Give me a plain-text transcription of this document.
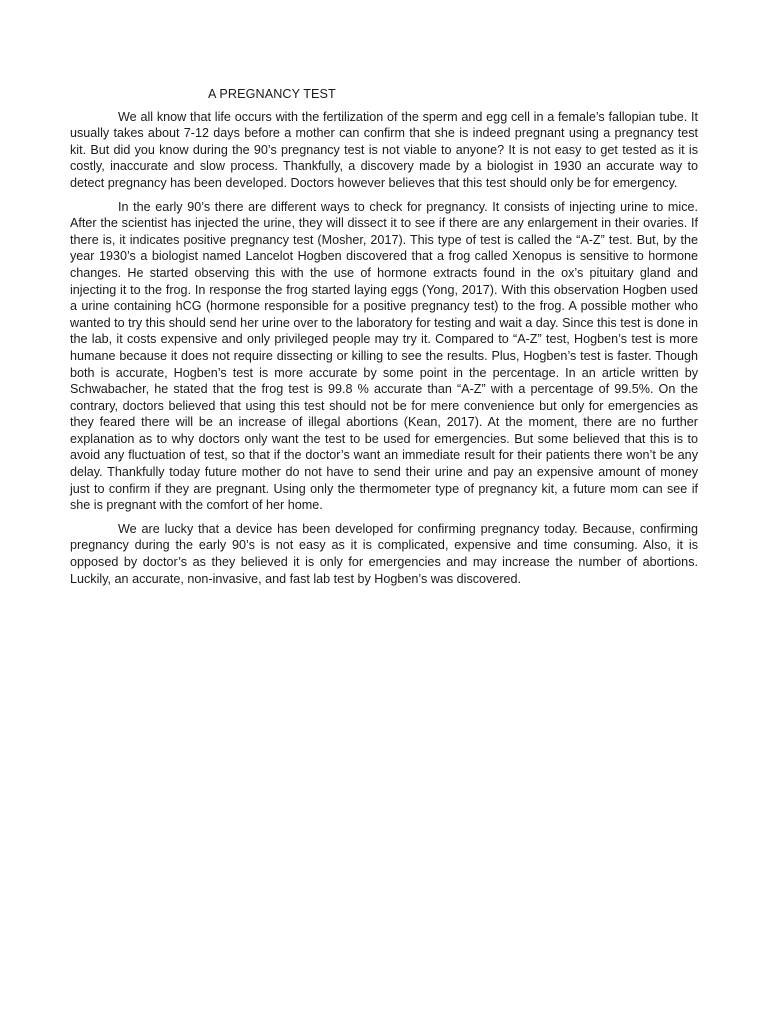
A PREGNANCY TEST

We all know that life occurs with the fertilization of the sperm and egg cell in a female’s fallopian tube. It usually takes about 7-12 days before a mother can confirm that she is indeed pregnant using a pregnancy test kit. But did you know during the 90’s pregnancy test is not viable to anyone? It is not easy to get tested as it is costly, inaccurate and slow process. Thankfully, a discovery made by a biologist in 1930 an accurate way to detect pregnancy has been developed. Doctors however believes that this test should only be for emergency.

In the early 90’s there are different ways to check for pregnancy. It consists of injecting urine to mice. After the scientist has injected the urine, they will dissect it to see if there are any enlargement in their ovaries. If there is, it indicates positive pregnancy test (Mosher, 2017). This type of test is called the “A-Z” test. But, by the year 1930’s a biologist named Lancelot Hogben discovered that a frog called Xenopus is sensitive to hormone changes. He started observing this with the use of hormone extracts found in the ox’s pituitary gland and injecting it to the frog. In response the frog started laying eggs (Yong, 2017). With this observation Hogben used a urine containing hCG (hormone responsible for a positive pregnancy test) to the frog. A possible mother who wanted to try this should send her urine over to the laboratory for testing and wait a day. Since this test is done in the lab, it costs expensive and only privileged people may try it. Compared to “A-Z” test, Hogben’s test is more humane because it does not require dissecting or killing to see the results. Plus, Hogben’s test is faster. Though both is accurate, Hogben’s test is more accurate by some point in the percentage. In an article written by Schwabacher, he stated that the frog test is 99.8 % accurate than “A-Z” with a percentage of 99.5%. On the contrary, doctors believed that using this test should not be for mere convenience but only for emergencies as they feared there will be an increase of illegal abortions (Kean, 2017). At the moment, there are no further explanation as to why doctors only want the test to be used for emergencies. But some believed that this is to avoid any fluctuation of test, so that if the doctor’s want an immediate result for their patients there won’t be any delay. Thankfully today future mother do not have to send their urine and pay an expensive amount of money just to confirm if they are pregnant. Using only the thermometer type of pregnancy kit, a future mom can see if she is pregnant with the comfort of her home.

We are lucky that a device has been developed for confirming pregnancy today. Because, confirming pregnancy during the early 90’s is not easy as it is complicated, expensive and time consuming. Also, it is opposed by doctor’s as they believed it is only for emergencies and may increase the number of abortions. Luckily, an accurate, non-invasive, and fast lab test by Hogben’s was discovered.
